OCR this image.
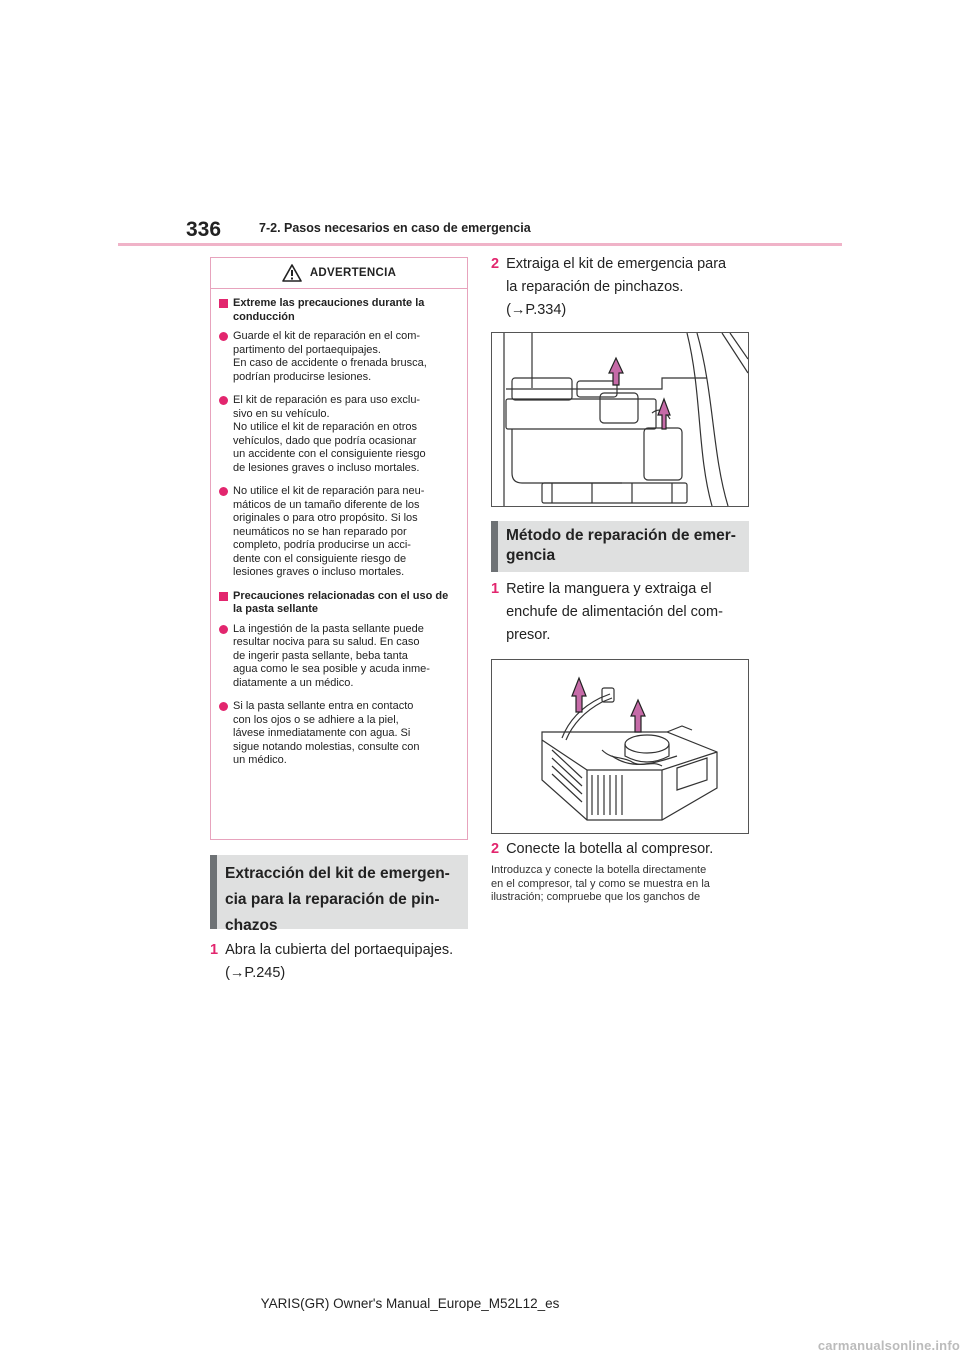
336	7-2. Pasos necesarios en caso de emergencia
ADVERTENCIA
Extreme las precauciones durante la conducción

Guarde el kit de reparación en el com-
partimento del portaequipajes.
En caso de accidente o frenada brusca,
podrían producirse lesiones.

El kit de reparación es para uso exclu-
sivo en su vehículo.
No utilice el kit de reparación en otros
vehículos, dado que podría ocasionar
un accidente con el consiguiente riesgo
de lesiones graves o incluso mortales.

No utilice el kit de reparación para neu-
máticos de un tamaño diferente de los
originales o para otro propósito. Si los
neumáticos no se han reparado por
completo, podría producirse un acci-
dente con el consiguiente riesgo de
lesiones graves o incluso mortales.

Precauciones relacionadas con el uso de la pasta sellante

La ingestión de la pasta sellante puede
resultar nociva para su salud. En caso
de ingerir pasta sellante, beba tanta
agua como le sea posible y acuda inme-
diatamente a un médico.

Si la pasta sellante entra en contacto
con los ojos o se adhiere a la piel,
lávese inmediatamente con agua. Si
sigue notando molestias, consulte con
un médico.

Extracción del kit de emergen-
cia para la reparación de pin-
chazos
1 Abra la cubierta del portaequipajes.

(→P.245)

2 Extraiga el kit de emergencia para
la reparación de pinchazos.

(→P.334)

Método de reparación de emer-
gencia
1 Retire la manguera y extraiga el
enchufe de alimentación del com-
presor.

2 Conecte la botella al compresor.

Introduzca y conecte la botella directamente
en el compresor, tal y como se muestra en la
ilustración; compruebe que los ganchos de
YARIS(GR) Owner's Manual_Europe_M52L12_es
carmanualsonline.info
